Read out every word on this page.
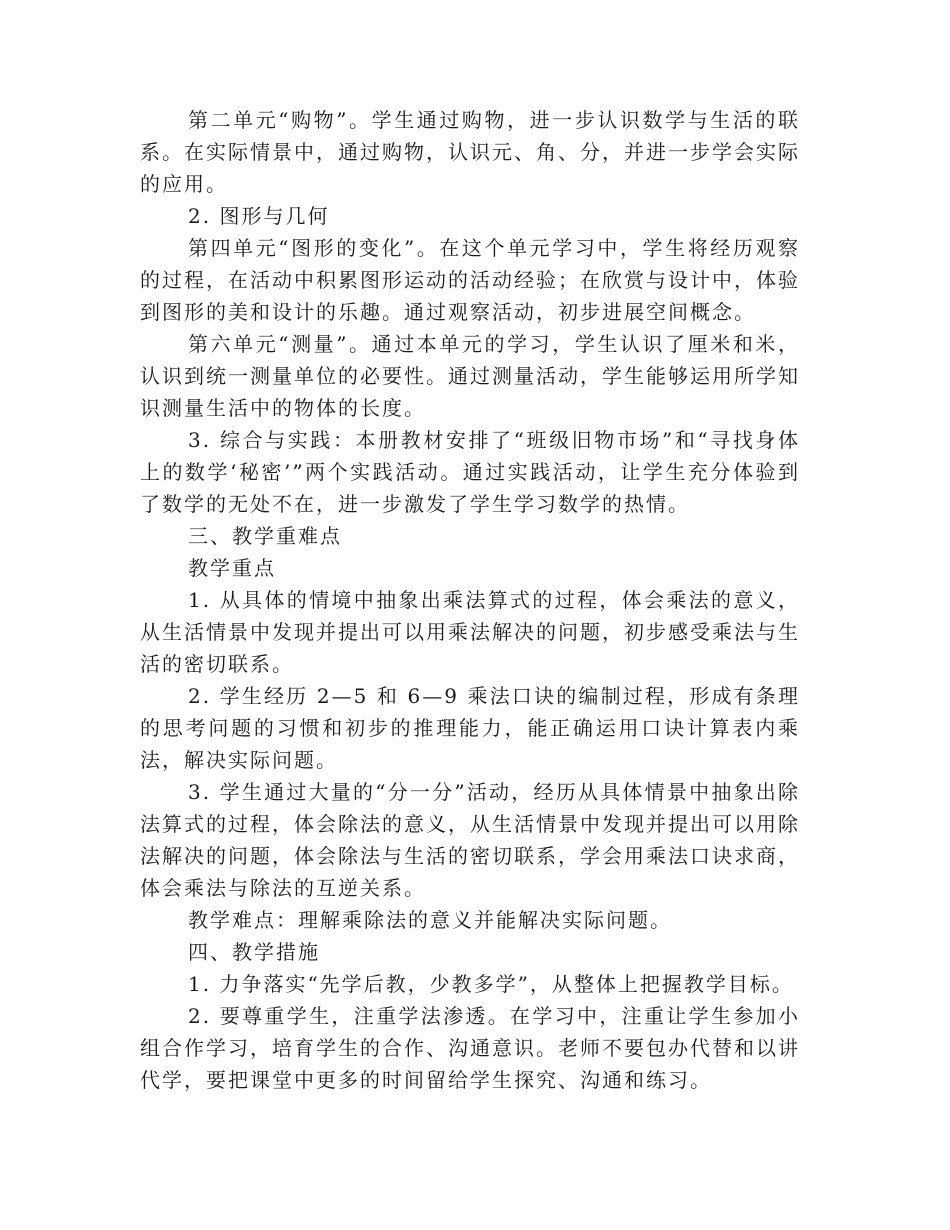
第二单元“购物”。学生通过购物，进一步认识数学与生活的联系。在实际情景中，通过购物，认识元、角、分，并进一步学会实际的应用。

2. 图形与几何

第四单元“图形的变化”。在这个单元学习中，学生将经历观察的过程，在活动中积累图形运动的活动经验；在欣赏与设计中，体验到图形的美和设计的乐趣。通过观察活动，初步进展空间概念。

第六单元“测量”。通过本单元的学习，学生认识了厘米和米，认识到统一测量单位的必要性。通过测量活动，学生能够运用所学知识测量生活中的物体的长度。

3. 综合与实践：本册教材安排了“班级旧物市场”和“寻找身体上的数学‘秘密’”两个实践活动。通过实践活动，让学生充分体验到了数学的无处不在，进一步激发了学生学习数学的热情。

三、教学重难点

教学重点

1. 从具体的情境中抽象出乘法算式的过程，体会乘法的意义，从生活情景中发现并提出可以用乘法解决的问题，初步感受乘法与生活的密切联系。

2. 学生经历 2—5 和 6—9 乘法口诀的编制过程，形成有条理的思考问题的习惯和初步的推理能力，能正确运用口诀计算表内乘法，解决实际问题。

3. 学生通过大量的“分一分”活动，经历从具体情景中抽象出除法算式的过程，体会除法的意义，从生活情景中发现并提出可以用除法解决的问题，体会除法与生活的密切联系，学会用乘法口诀求商，体会乘法与除法的互逆关系。

教学难点：理解乘除法的意义并能解决实际问题。

四、教学措施

1. 力争落实“先学后教，少教多学”，从整体上把握教学目标。

2. 要尊重学生，注重学法渗透。在学习中，注重让学生参加小组合作学习，培育学生的合作、沟通意识。老师不要包办代替和以讲代学，要把课堂中更多的时间留给学生探究、沟通和练习。
